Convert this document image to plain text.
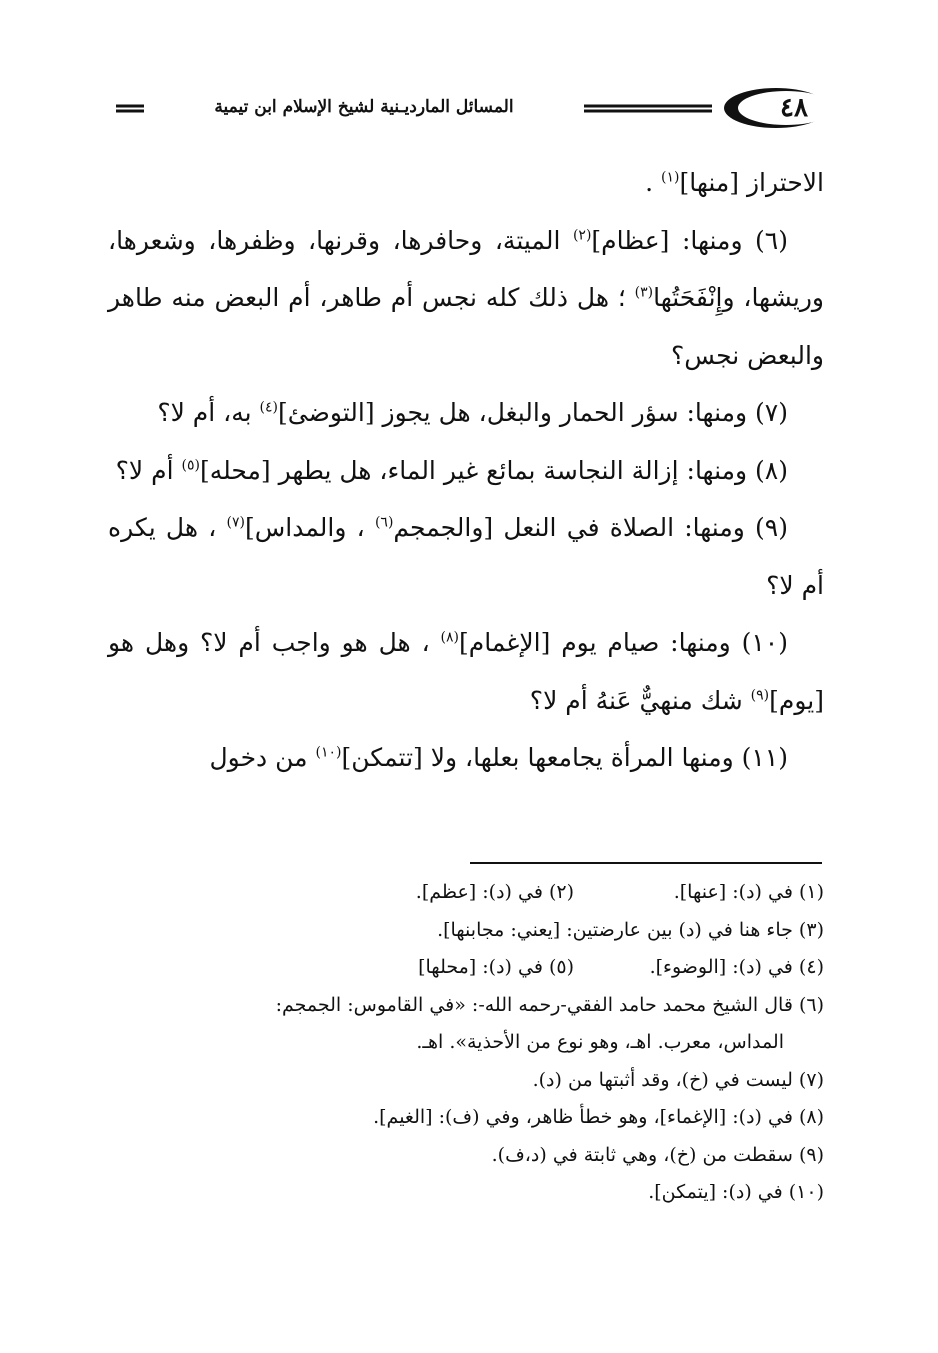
٤٨
المسائل المارديـنية لشيخ الإسلام ابن تيمية

الاحتراز [منها]$^{(١)}$ .

(٦) ومنها: [عظام]$^{(٢)}$ الميتة، وحافرها، وقرنها، وظفرها، وشعرها، وريشها، وإِنْفَحَتُها$^{(٣)}$ ؛ هل ذلك كله نجس أم طاهر، أم البعض منه طاهر والبعض نجس؟

(٧) ومنها: سؤر الحمار والبغل، هل يجوز [التوضئ]$^{(٤)}$ به، أم لا؟

(٨) ومنها: إزالة النجاسة بمائع غير الماء، هل يطهر [محله]$^{(٥)}$ أم لا؟

(٩) ومنها: الصلاة في النعل [والجمجم$^{(٦)}$ ، والمداس]$^{(٧)}$ ، هل يكره أم لا؟

(١٠) ومنها: صيام يوم [الإغمام]$^{(٨)}$ ، هل هو واجب أم لا؟ وهل هو [يوم]$^{(٩)}$ شك منهيٌّ عَنهُ أم لا؟

(١١) ومنها المرأة يجامعها بعلها، ولا [تتمكن]$^{(١٠)}$ من دخول

(١) في (د): [عنها].(٢) في (د): [عظم].
(٣) جاء هنا في (د) بين عارضتين: [يعني: مجابنها].
(٤) في (د): [الوضوء].(٥) في (د): [محلها]
(٦) قال الشيخ محمد حامد الفقي-رحمه الله-: «في القاموس: الجمجم:
المداس، معرب. اهـ، وهو نوع من الأحذية». اهـ.
(٧) ليست في (خ)، وقد أثبتها من (د).
(٨) في (د): [الإغماء]، وهو خطأ ظاهر، وفي (ف): [الغيم].
(٩) سقطت من (خ)، وهي ثابتة في (د،ف).
(١٠) في (د): [يتمكن].
